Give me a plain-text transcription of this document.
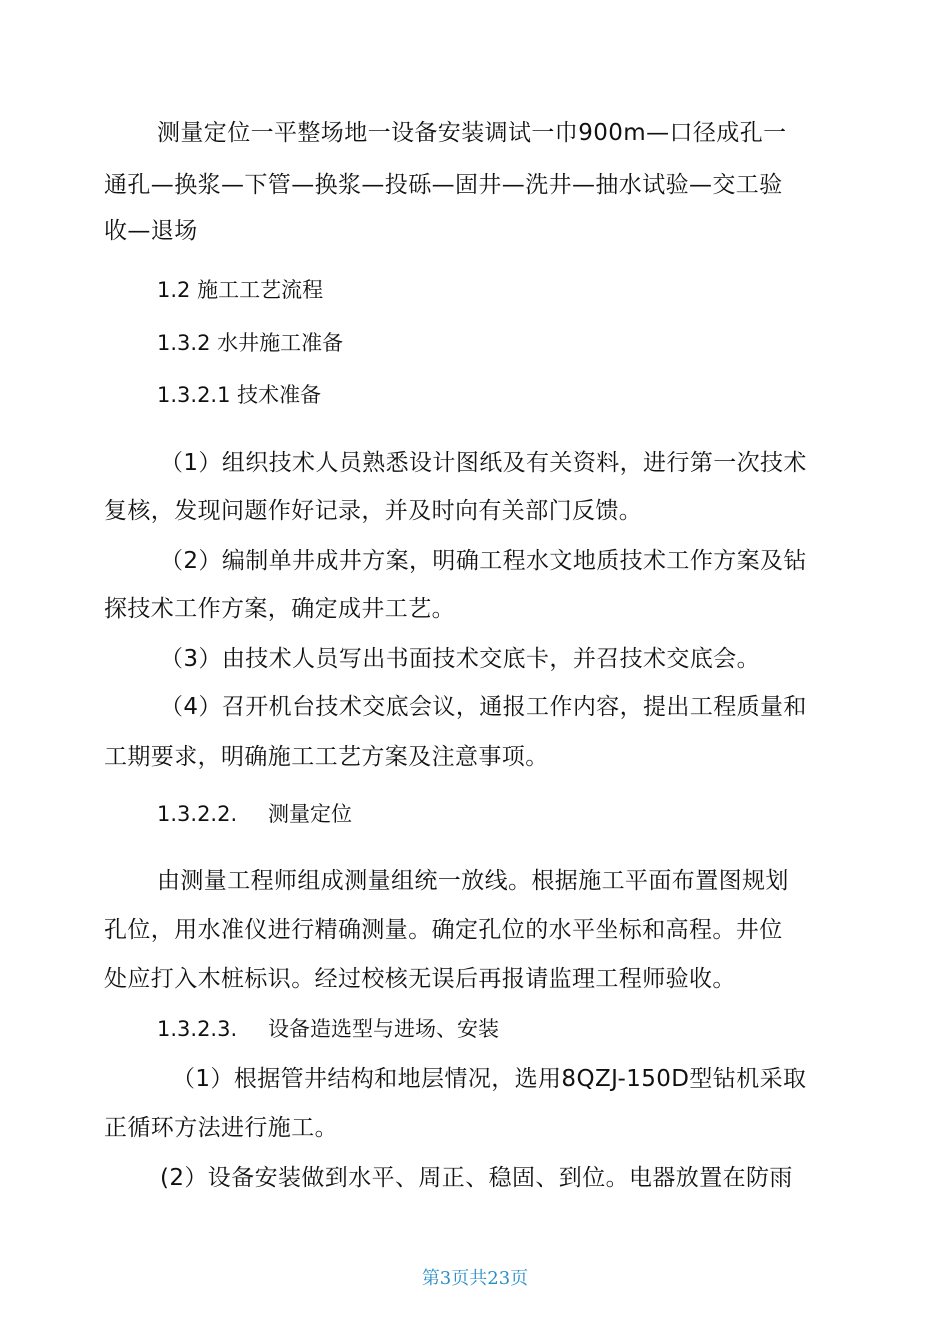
测量定位一平整场地一设备安装调试一巾900m—口径成孔一

通孔—换浆—下管—换浆—投砾—固井—洗井—抽水试验—交工验

收—退场

1.2 施工工艺流程

1.3.2 水井施工准备

1.3.2.1 技术准备

（1）组织技术人员熟悉设计图纸及有关资料，进行第一次技术

复核，发现问题作好记录，并及时向有关部门反馈。

（2）编制单井成井方案，明确工程水文地质技术工作方案及钻

探技术工作方案，确定成井工艺。

（3）由技术人员写出书面技术交底卡，并召技术交底会。

（4）召开机台技术交底会议，通报工作内容，提出工程质量和

工期要求，明确施工工艺方案及注意事项。

1.3.2.2. 测量定位

由测量工程师组成测量组统一放线。根据施工平面布置图规划

孔位，用水准仪进行精确测量。确定孔位的水平坐标和高程。井位

处应打入木桩标识。经过校核无误后再报请监理工程师验收。

1.3.2.3. 设备造选型与进场、安装

（1）根据管井结构和地层情况，选用8QZJ-150D型钻机采取

正循环方法进行施工。

(2）设备安装做到水平、周正、稳固、到位。电器放置在防雨

第3页共23页
